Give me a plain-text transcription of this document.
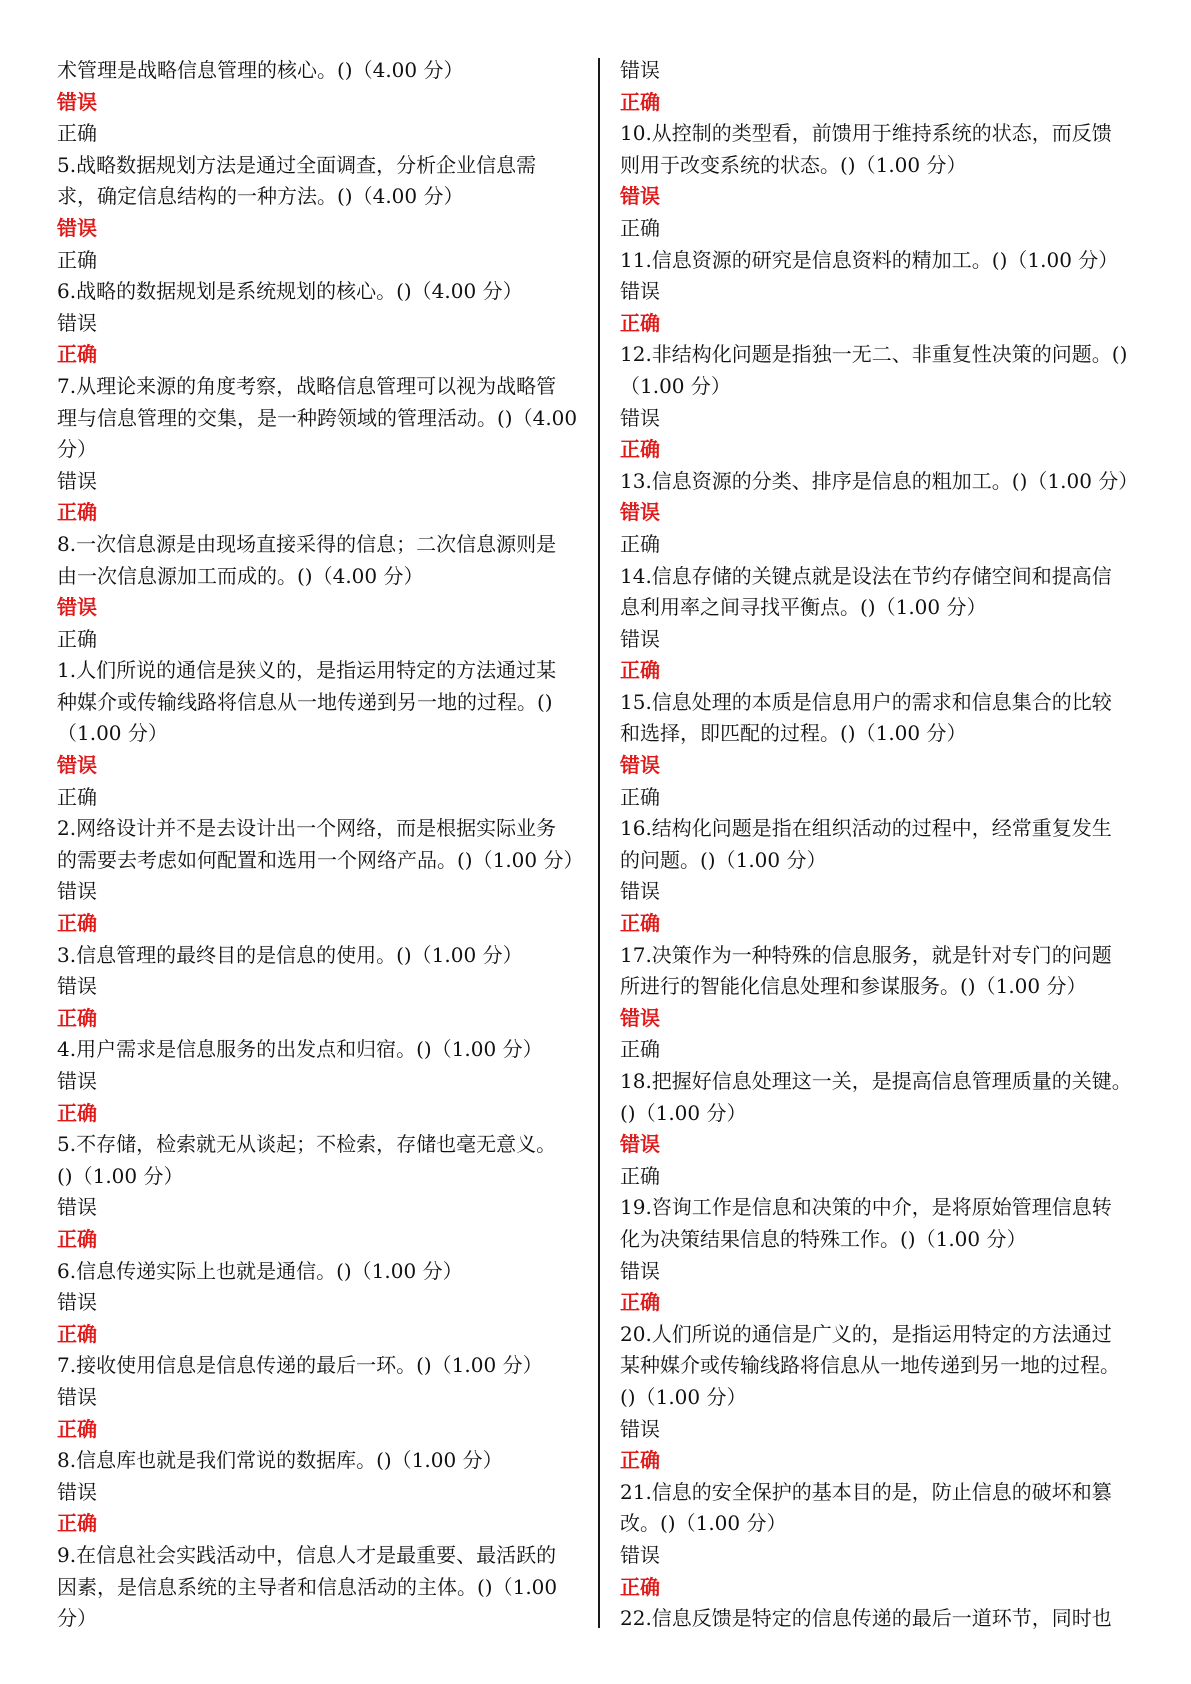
术管理是战略信息管理的核心。()（4.00 分）
错误
正确
5.战略数据规划方法是通过全面调查，分析企业信息需
求，确定信息结构的一种方法。()（4.00 分）
错误
正确
6.战略的数据规划是系统规划的核心。()（4.00 分）
错误
正确
7.从理论来源的角度考察，战略信息管理可以视为战略管
理与信息管理的交集，是一种跨领域的管理活动。()（4.00
分）
错误
正确
8.一次信息源是由现场直接采得的信息；二次信息源则是
由一次信息源加工而成的。()（4.00 分）
错误
正确
1.人们所说的通信是狭义的，是指运用特定的方法通过某
种媒介或传输线路将信息从一地传递到另一地的过程。()
（1.00 分）
错误
正确
2.网络设计并不是去设计出一个网络，而是根据实际业务
的需要去考虑如何配置和选用一个网络产品。()（1.00 分）
错误
正确
3.信息管理的最终目的是信息的使用。()（1.00 分）
错误
正确
4.用户需求是信息服务的出发点和归宿。()（1.00 分）
错误
正确
5.不存储，检索就无从谈起；不检索，存储也毫无意义。
()（1.00 分）
错误
正确
6.信息传递实际上也就是通信。()（1.00 分）
错误
正确
7.接收使用信息是信息传递的最后一环。()（1.00 分）
错误
正确
8.信息库也就是我们常说的数据库。()（1.00 分）
错误
正确
9.在信息社会实践活动中，信息人才是最重要、最活跃的
因素，是信息系统的主导者和信息活动的主体。()（1.00
分）
错误
正确
10.从控制的类型看，前馈用于维持系统的状态，而反馈
则用于改变系统的状态。()（1.00 分）
错误
正确
11.信息资源的研究是信息资料的精加工。()（1.00 分）
错误
正确
12.非结构化问题是指独一无二、非重复性决策的问题。()
（1.00 分）
错误
正确
13.信息资源的分类、排序是信息的粗加工。()（1.00 分）
错误
正确
14.信息存储的关键点就是设法在节约存储空间和提高信
息利用率之间寻找平衡点。()（1.00 分）
错误
正确
15.信息处理的本质是信息用户的需求和信息集合的比较
和选择，即匹配的过程。()（1.00 分）
错误
正确
16.结构化问题是指在组织活动的过程中，经常重复发生
的问题。()（1.00 分）
错误
正确
17.决策作为一种特殊的信息服务，就是针对专门的问题
所进行的智能化信息处理和参谋服务。()（1.00 分）
错误
正确
18.把握好信息处理这一关，是提高信息管理质量的关键。
()（1.00 分）
错误
正确
19.咨询工作是信息和决策的中介，是将原始管理信息转
化为决策结果信息的特殊工作。()（1.00 分）
错误
正确
20.人们所说的通信是广义的，是指运用特定的方法通过
某种媒介或传输线路将信息从一地传递到另一地的过程。
()（1.00 分）
错误
正确
21.信息的安全保护的基本目的是，防止信息的破坏和篡
改。()（1.00 分）
错误
正确
22.信息反馈是特定的信息传递的最后一道环节，同时也
